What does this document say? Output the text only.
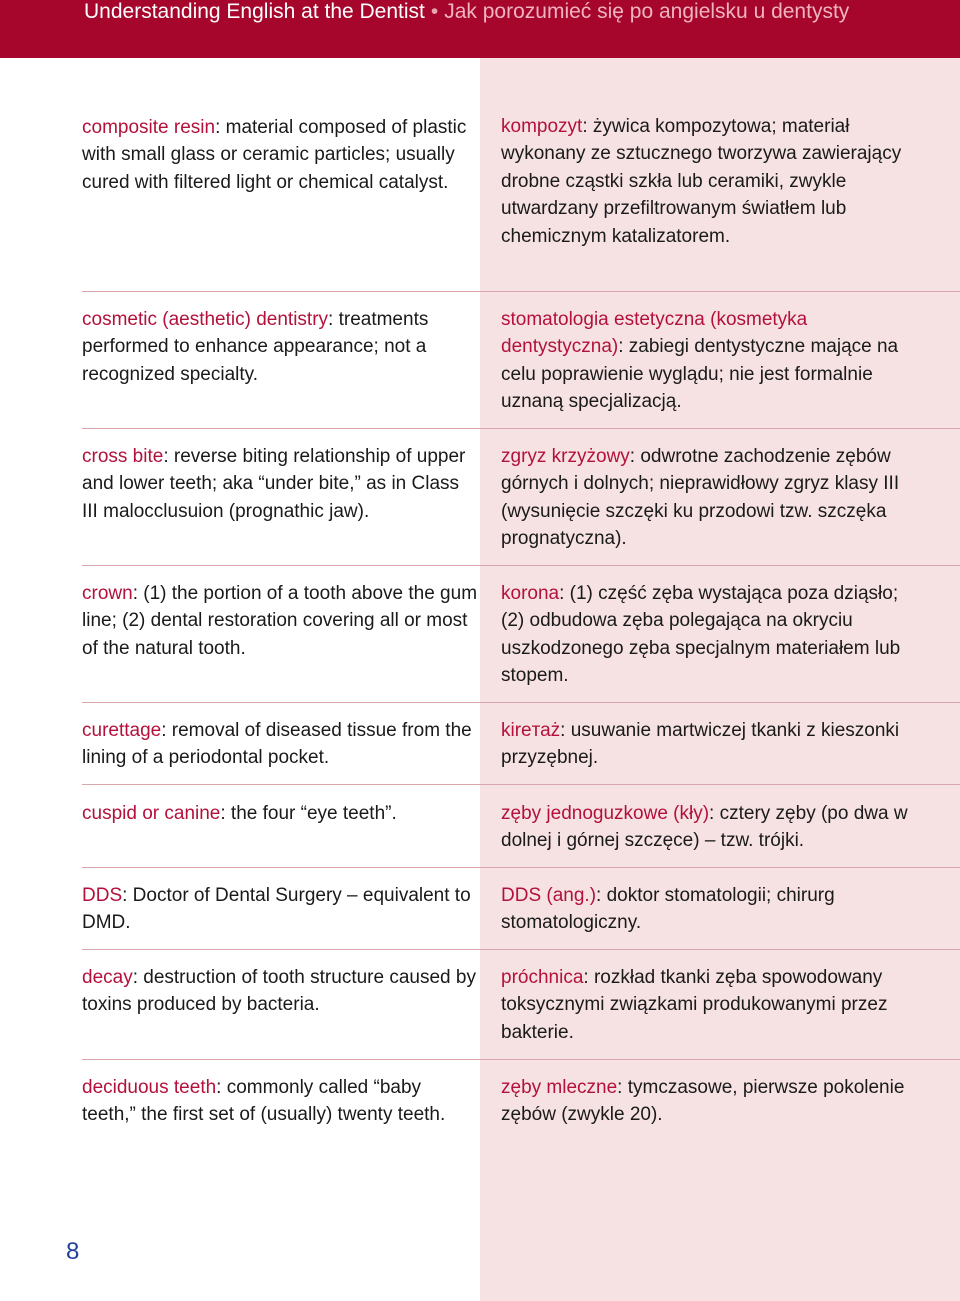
Understanding English at the Dentist • Jak porozumieć się po angielsku u dentysty
composite resin: material composed of plastic with small glass or ceramic particles; usually cured with filtered light or chemical catalyst.
kompozyt: żywica kompozytowa; materiał wykonany ze sztucznego tworzywa zawierający drobne cząstki szkła lub ceramiki, zwykle utwardzany przefiltrowanym światłem lub chemicznym katalizatorem.
cosmetic (aesthetic) dentistry: treatments performed to enhance appearance; not a recognized specialty.
stomatologia estetyczna (kosmetyka dentystyczna): zabiegi dentystyczne mające na celu poprawienie wyglądu; nie jest formalnie uznaną specjalizacją.
cross bite: reverse biting relationship of upper and lower teeth; aka “under bite,” as in Class III malocclusuion (prognathic jaw).
zgryz krzyżowy: odwrotne zachodzenie zębów górnych i dolnych; nieprawidłowy zgryz klasy III (wysunięcie szczęki ku przodowi tzw. szczęka prognatyczna).
crown: (1) the portion of a tooth above the gum line; (2) dental restoration covering all or most of the natural tooth.
korona: (1) część zęba wystająca poza dziąsło; (2) odbudowa zęba polegająca na okryciu uszkodzonego zęba specjalnym materiałem lub stopem.
curettage: removal of diseased tissue from the lining of a periodontal pocket.
kireтаż: usuwanie martwiczej tkanki z kieszonki przyzębnej.
cuspid or canine: the four “eye teeth”.	zęby jednoguzkowe (kły): cztery zęby (po dwa w dolnej i górnej szczęce) – tzw. trójki.
DDS: Doctor of Dental Surgery – equivalent to DMD.
DDS (ang.): doktor stomatologii; chirurg stomatologiczny.
decay: destruction of tooth structure caused by toxins produced by bacteria.
próchnica: rozkład tkanki zęba spowodowany toksycznymi związkami produkowanymi przez bakterie.
deciduous teeth: commonly called “baby teeth,” the first set of (usually) twenty teeth.
zęby mleczne: tymczasowe, pierwsze pokolenie zębów (zwykle 20).
8
